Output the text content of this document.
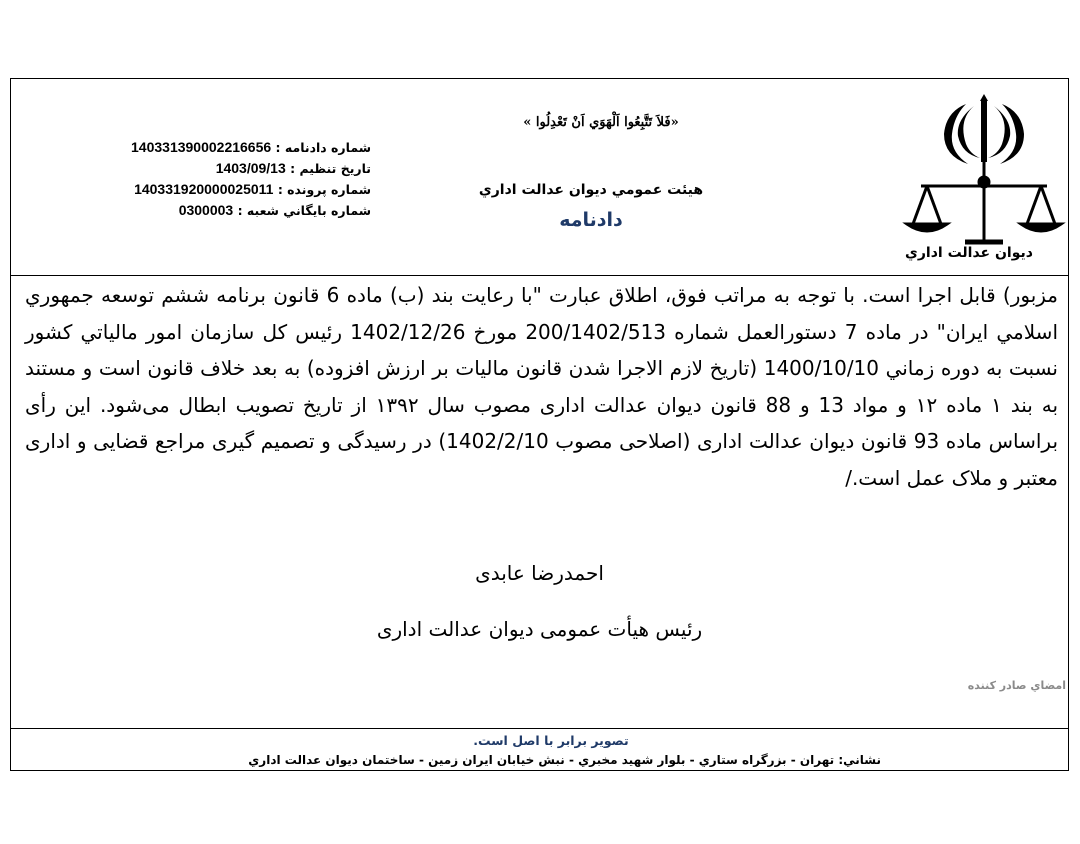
ديوان عدالت اداري
«فَلاَ تَتَّبِعُوا اَلْهَوَي اَنْ تَعْدِلُوا »
هيئت عمومي ديوان عدالت اداري
دادنامه
شماره دادنامه : 140331390002216656
تاريخ تنظيم : 1403/09/13
شماره پرونده : 140331920000025011
شماره بايگاني شعبه : 0300003

مزبور) قابل اجرا است. با توجه به مراتب فوق، اطلاق عبارت "با رعایت بند (ب) ماده 6 قانون برنامه ششم توسعه جمهوري اسلامي ايران" در ماده 7 دستورالعمل شماره 200/1402/513 مورخ 1402/12/26 رئیس کل سازمان امور مالیاتي کشور نسبت به دوره زماني 1400/10/10 (تاريخ لازم الاجرا شدن قانون ماليات بر ارزش افزوده) به بعد خلاف قانون است و مستند به بند ۱ ماده ۱۲ و مواد 13 و 88 قانون دیوان عدالت اداری مصوب سال ۱۳۹۲ از تاریخ تصویب ابطال می‌شود. این رأی براساس ماده 93 قانون دیوان عدالت اداری (اصلاحی مصوب 1402/2/10) در رسیدگی و تصمیم گیری مراجع قضایی و اداری معتبر و ملاک عمل است./

احمدرضا عابدی
رئیس هیأت عمومی دیوان عدالت اداری
امضاي صادر كننده
تصوير برابر با اصل است.
نشاني: تهران - بزرگراه ستاري - بلوار شهيد مخبري - نبش خيابان ايران زمين - ساختمان ديوان عدالت اداري
